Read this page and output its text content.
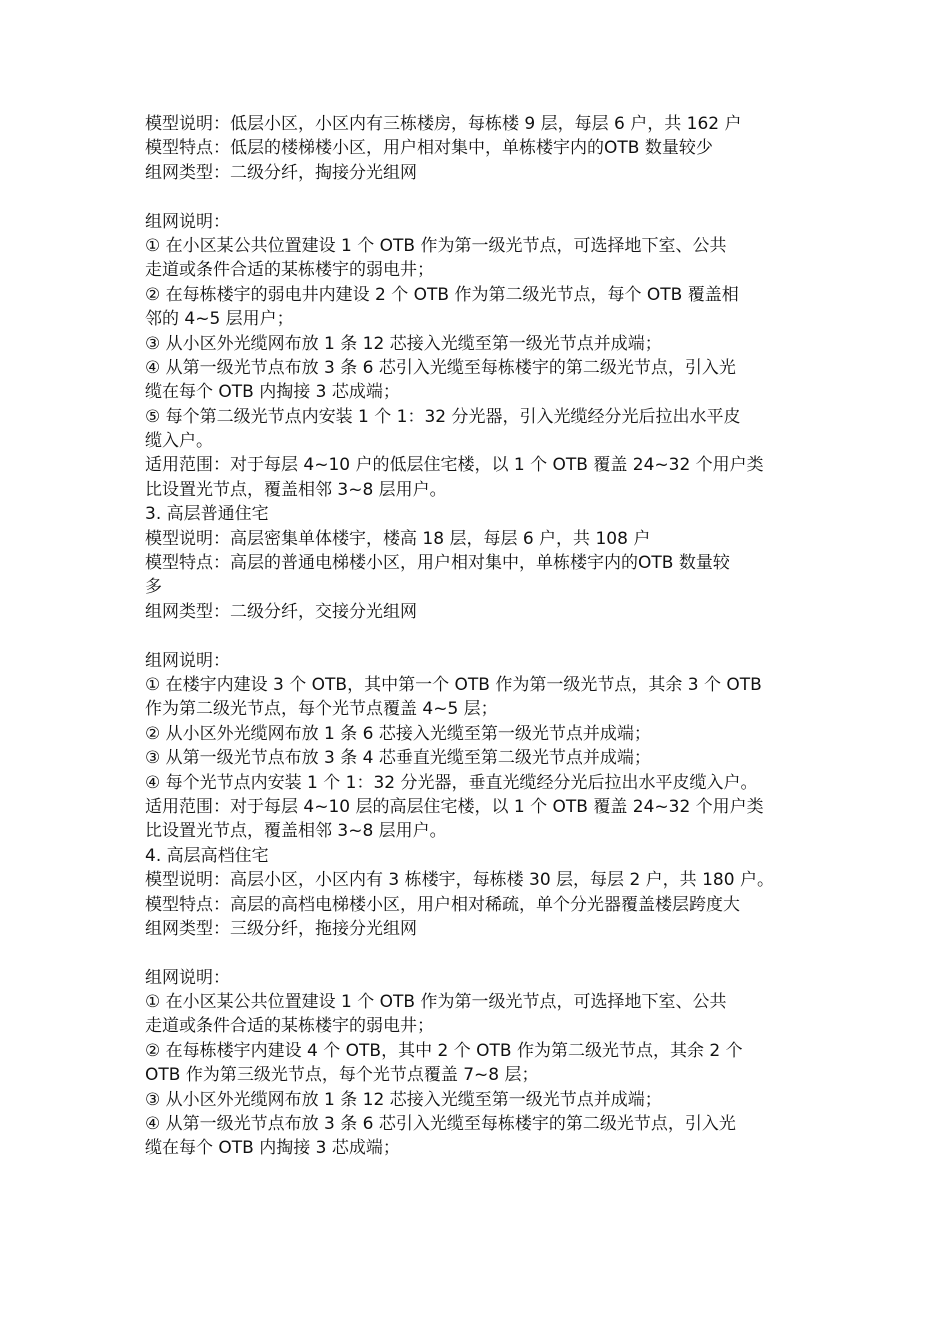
模型说明：低层小区，小区内有三栋楼房，每栋楼 9 层，每层 6 户，共 162 户
模型特点：低层的楼梯楼小区，用户相对集中，单栋楼宇内的OTB 数量较少
组网类型：二级分纤，掏接分光组网
组网说明：
① 在小区某公共位置建设 1 个 OTB 作为第一级光节点，可选择地下室、公共
走道或条件合适的某栋楼宇的弱电井；
② 在每栋楼宇的弱电井内建设 2 个 OTB 作为第二级光节点，每个 OTB 覆盖相
邻的 4~5 层用户；
③ 从小区外光缆网布放 1 条 12 芯接入光缆至第一级光节点并成端；
④ 从第一级光节点布放 3 条 6 芯引入光缆至每栋楼宇的第二级光节点，引入光
缆在每个 OTB 内掏接 3 芯成端；
⑤ 每个第二级光节点内安装 1 个 1：32 分光器，引入光缆经分光后拉出水平皮
缆入户。
适用范围：对于每层 4~10 户的低层住宅楼，以 1 个 OTB 覆盖 24~32 个用户类
比设置光节点，覆盖相邻 3~8 层用户。
3. 高层普通住宅
模型说明：高层密集单体楼宇，楼高 18 层，每层 6 户，共 108 户
模型特点：高层的普通电梯楼小区，用户相对集中，单栋楼宇内的OTB 数量较
多
组网类型：二级分纤，交接分光组网
组网说明：
① 在楼宇内建设 3 个 OTB，其中第一个 OTB 作为第一级光节点，其余 3 个 OTB
作为第二级光节点，每个光节点覆盖 4~5 层；
② 从小区外光缆网布放 1 条 6 芯接入光缆至第一级光节点并成端；
③ 从第一级光节点布放 3 条 4 芯垂直光缆至第二级光节点并成端；
④ 每个光节点内安装 1 个 1：32 分光器，垂直光缆经分光后拉出水平皮缆入户。
适用范围：对于每层 4~10 层的高层住宅楼，以 1 个 OTB 覆盖 24~32 个用户类
比设置光节点，覆盖相邻 3~8 层用户。
4. 高层高档住宅
模型说明：高层小区，小区内有 3 栋楼宇，每栋楼 30 层，每层 2 户，共 180 户。
模型特点：高层的高档电梯楼小区，用户相对稀疏，单个分光器覆盖楼层跨度大
组网类型：三级分纤，拖接分光组网
组网说明：
① 在小区某公共位置建设 1 个 OTB 作为第一级光节点，可选择地下室、公共
走道或条件合适的某栋楼宇的弱电井；
② 在每栋楼宇内建设 4 个 OTB，其中 2 个 OTB 作为第二级光节点，其余 2 个
OTB 作为第三级光节点，每个光节点覆盖 7~8 层；
③ 从小区外光缆网布放 1 条 12 芯接入光缆至第一级光节点并成端；
④ 从第一级光节点布放 3 条 6 芯引入光缆至每栋楼宇的第二级光节点，引入光
缆在每个 OTB 内掏接 3 芯成端；
